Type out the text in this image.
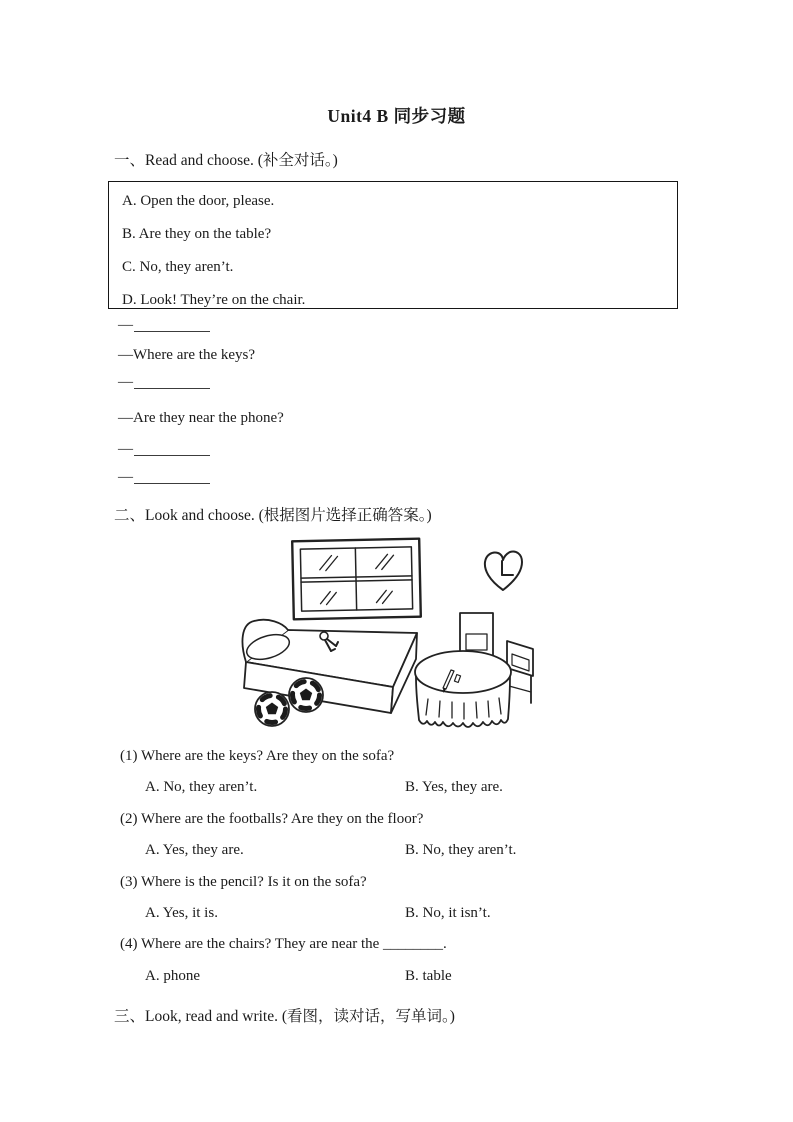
Unit4 B 同步习题
一、Read and choose. (补全对话。)
A. Open the door, please.
B. Are they on the table?
C. No, they aren’t.
D. Look! They’re on the chair.
—
—Where are the keys?
—
—Are they near the phone?
—
—
二、Look and choose. (根据图片选择正确答案。)
(1) Where are the keys? Are they on the sofa?
A. No, they aren’t.	B. Yes, they are.
(2) Where are the footballs? Are they on the floor?
A. Yes, they are.	B. No, they aren’t.
(3) Where is the pencil? Is it on the sofa?
A. Yes, it is.	B. No, it isn’t.
(4) Where are the chairs? They are near the ________.
A. phone	B. table
三、Look, read and write. (看图，读对话，写单词。)
